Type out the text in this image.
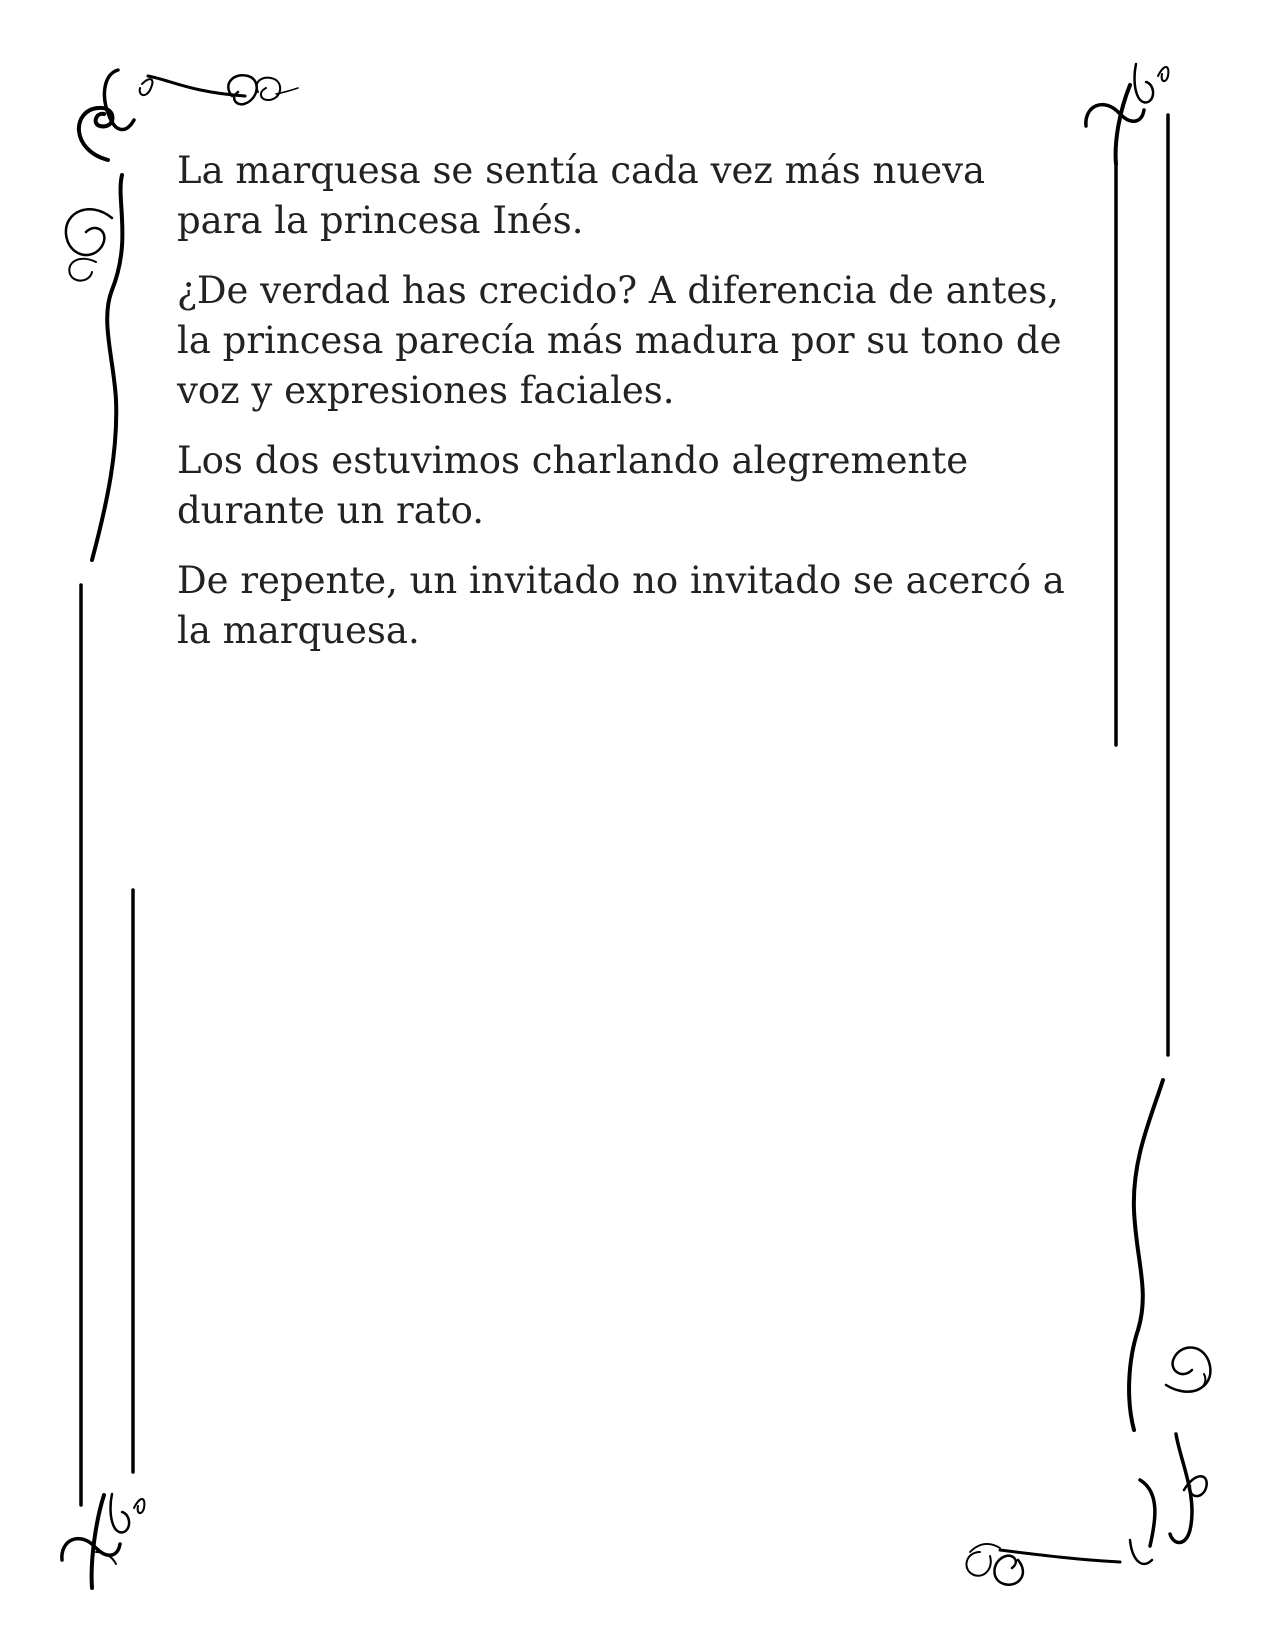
La marquesa se sentía cada vez más nueva para la princesa Inés.

¿De verdad has crecido? A diferencia de antes, la princesa parecía más madura por su tono de voz y expresiones faciales.

Los dos estuvimos charlando alegremente durante un rato.

De repente, un invitado no invitado se acercó a la marquesa.
